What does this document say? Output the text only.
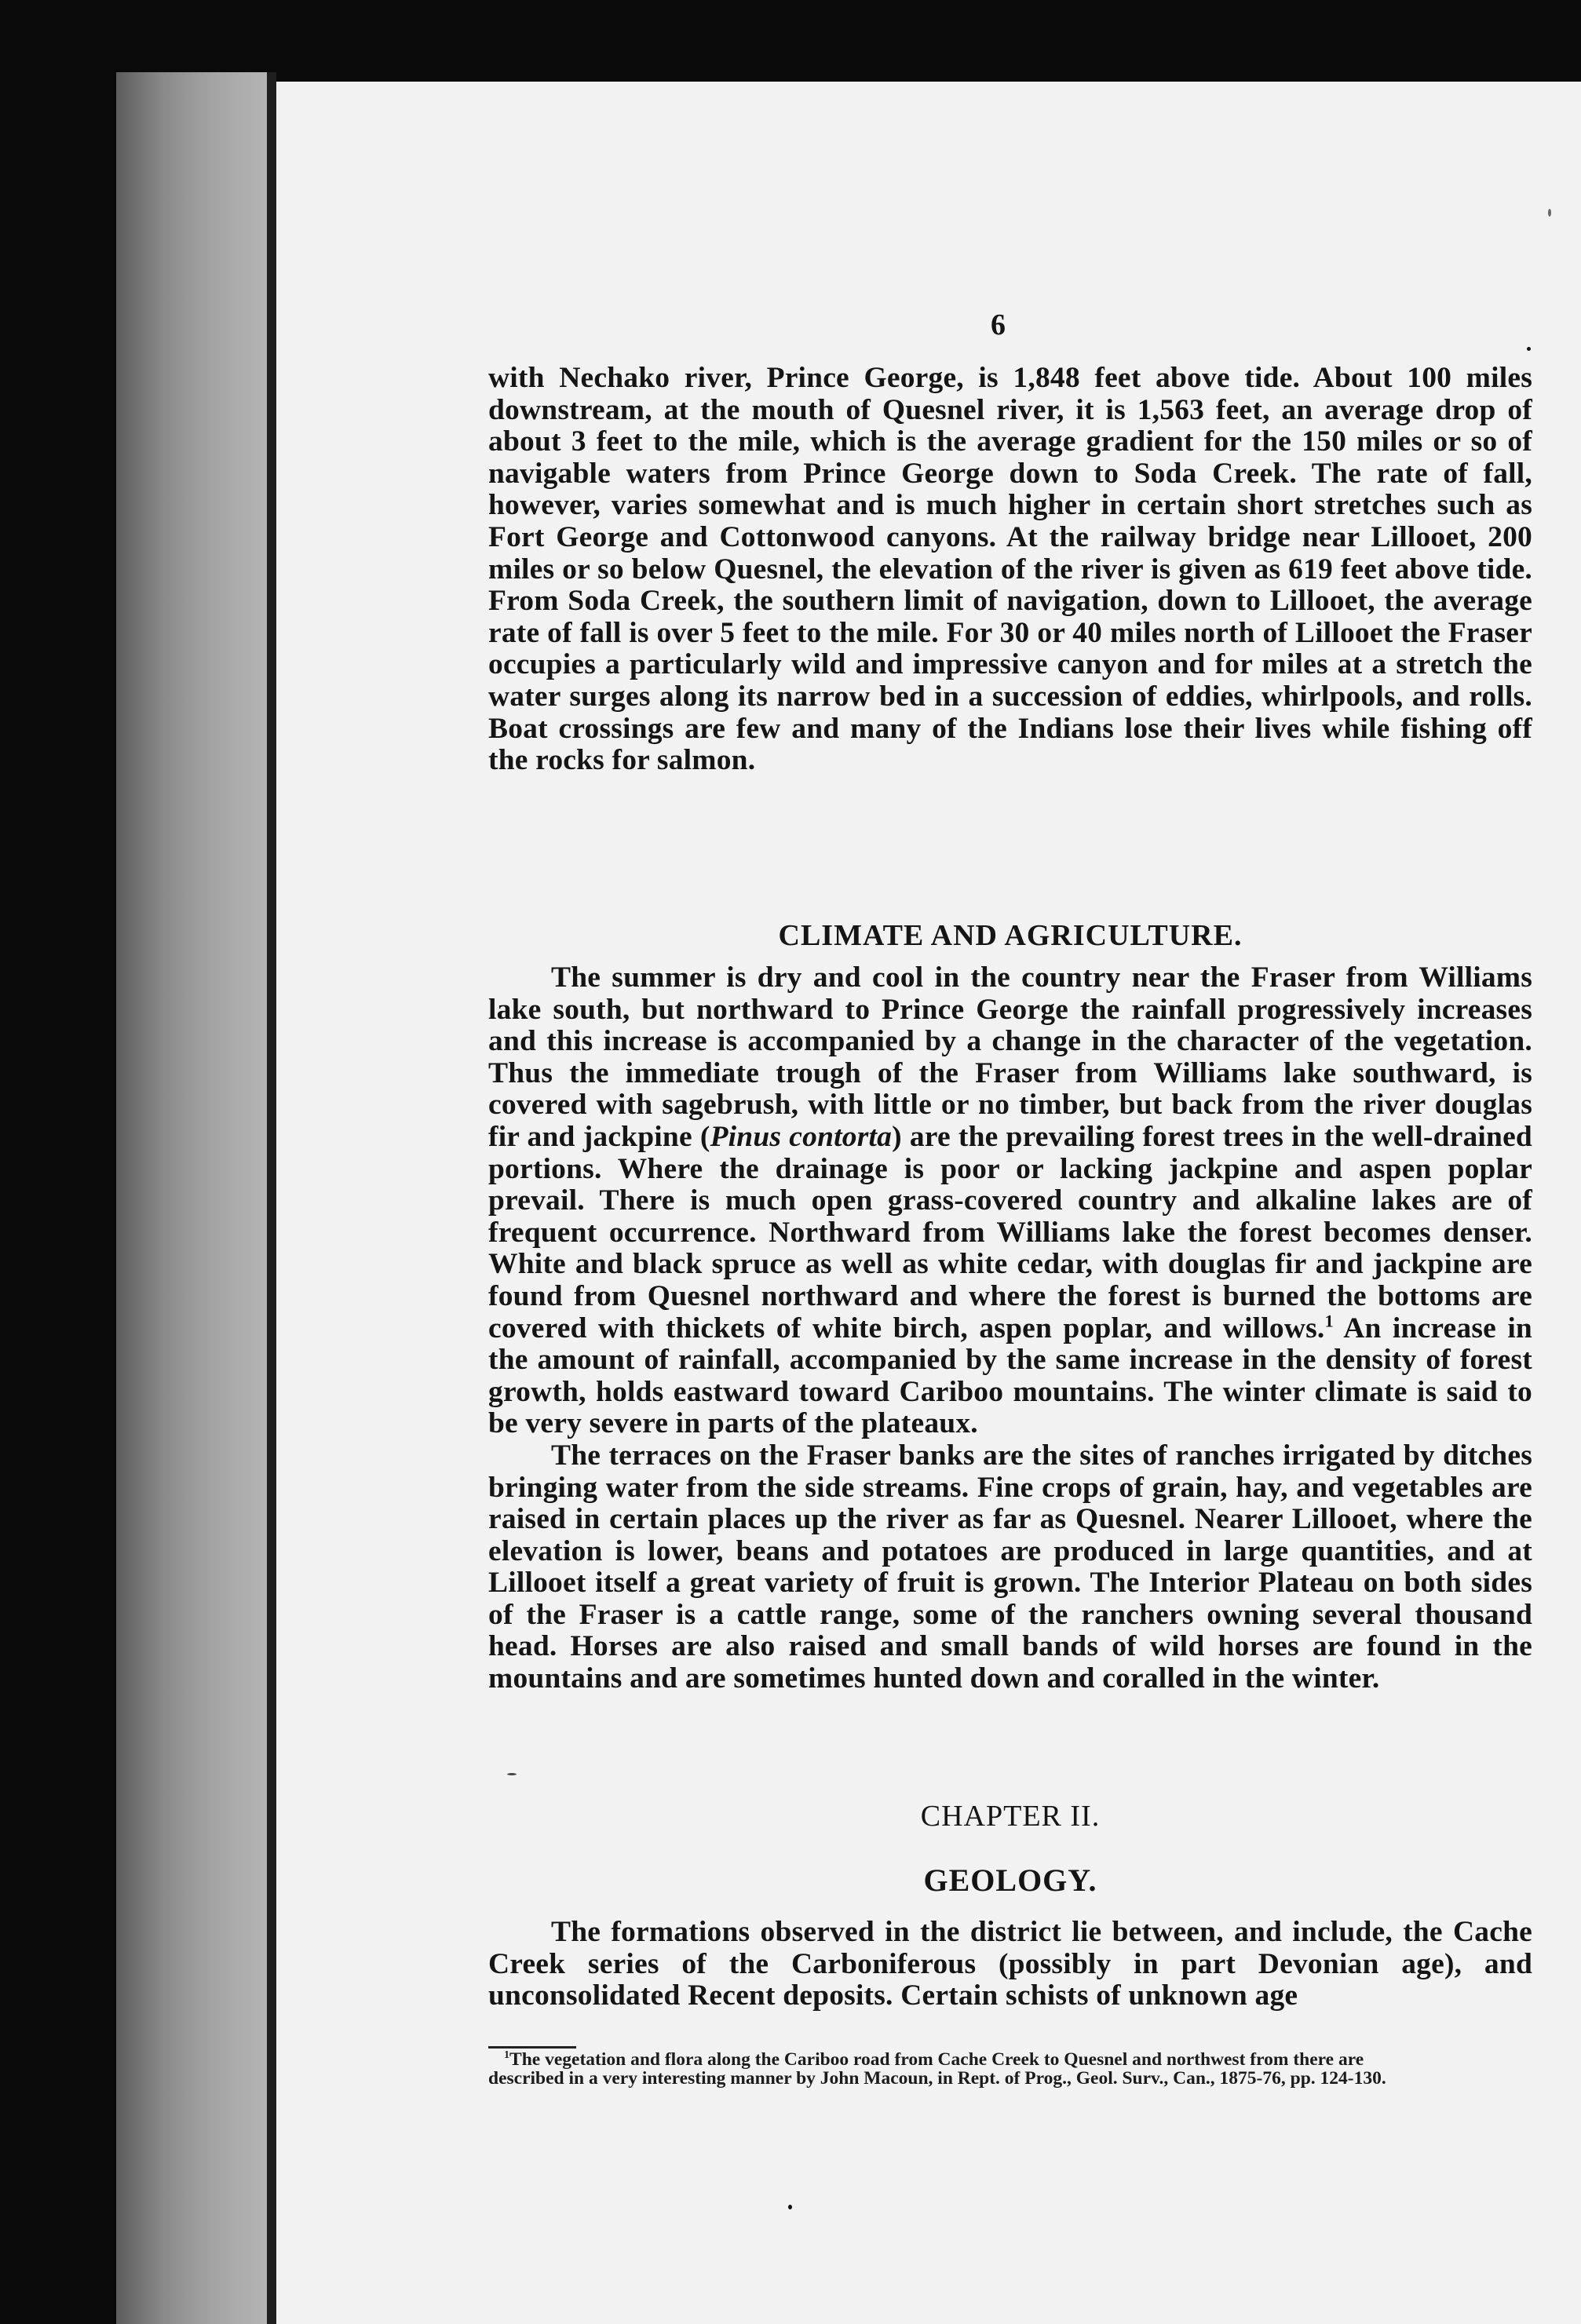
6

with Nechako river, Prince George, is 1,848 feet above tide. About 100 miles downstream, at the mouth of Quesnel river, it is 1,563 feet, an average drop of about 3 feet to the mile, which is the average gradient for the 150 miles or so of navigable waters from Prince George down to Soda Creek. The rate of fall, however, varies somewhat and is much higher in certain short stretches such as Fort George and Cottonwood canyons. At the railway bridge near Lillooet, 200 miles or so below Quesnel, the elevation of the river is given as 619 feet above tide. From Soda Creek, the southern limit of navigation, down to Lillooet, the average rate of fall is over 5 feet to the mile. For 30 or 40 miles north of Lillooet the Fraser occupies a particularly wild and impressive canyon and for miles at a stretch the water surges along its narrow bed in a succession of eddies, whirlpools, and rolls. Boat crossings are few and many of the Indians lose their lives while fishing off the rocks for salmon.

CLIMATE AND AGRICULTURE.

The summer is dry and cool in the country near the Fraser from Williams lake south, but northward to Prince George the rainfall progressively increases and this increase is accompanied by a change in the character of the vegetation. Thus the immediate trough of the Fraser from Williams lake southward, is covered with sagebrush, with little or no timber, but back from the river douglas fir and jackpine (Pinus contorta) are the prevailing forest trees in the well-drained portions. Where the drainage is poor or lacking jackpine and aspen poplar prevail. There is much open grass-covered country and alkaline lakes are of frequent occurrence. Northward from Williams lake the forest becomes denser. White and black spruce as well as white cedar, with douglas fir and jackpine are found from Quesnel northward and where the forest is burned the bottoms are covered with thickets of white birch, aspen poplar, and willows.$^1$ An increase in the amount of rainfall, accompanied by the same increase in the density of forest growth, holds eastward toward Cariboo mountains. The winter climate is said to be very severe in parts of the plateaux.

The terraces on the Fraser banks are the sites of ranches irrigated by ditches bringing water from the side streams. Fine crops of grain, hay, and vegetables are raised in certain places up the river as far as Quesnel. Nearer Lillooet, where the elevation is lower, beans and potatoes are produced in large quantities, and at Lillooet itself a great variety of fruit is grown. The Interior Plateau on both sides of the Fraser is a cattle range, some of the ranchers owning several thousand head. Horses are also raised and small bands of wild horses are found in the mountains and are sometimes hunted down and coralled in the winter.

CHAPTER II.

GEOLOGY.

The formations observed in the district lie between, and include, the Cache Creek series of the Carboniferous (possibly in part Devonian age), and unconsolidated Recent deposits. Certain schists of unknown age

$^1$The vegetation and flora along the Cariboo road from Cache Creek to Quesnel and northwest from there are
described in a very interesting manner by John Macoun, in Rept. of Prog., Geol. Surv., Can., 1875-76, pp. 124-130.
